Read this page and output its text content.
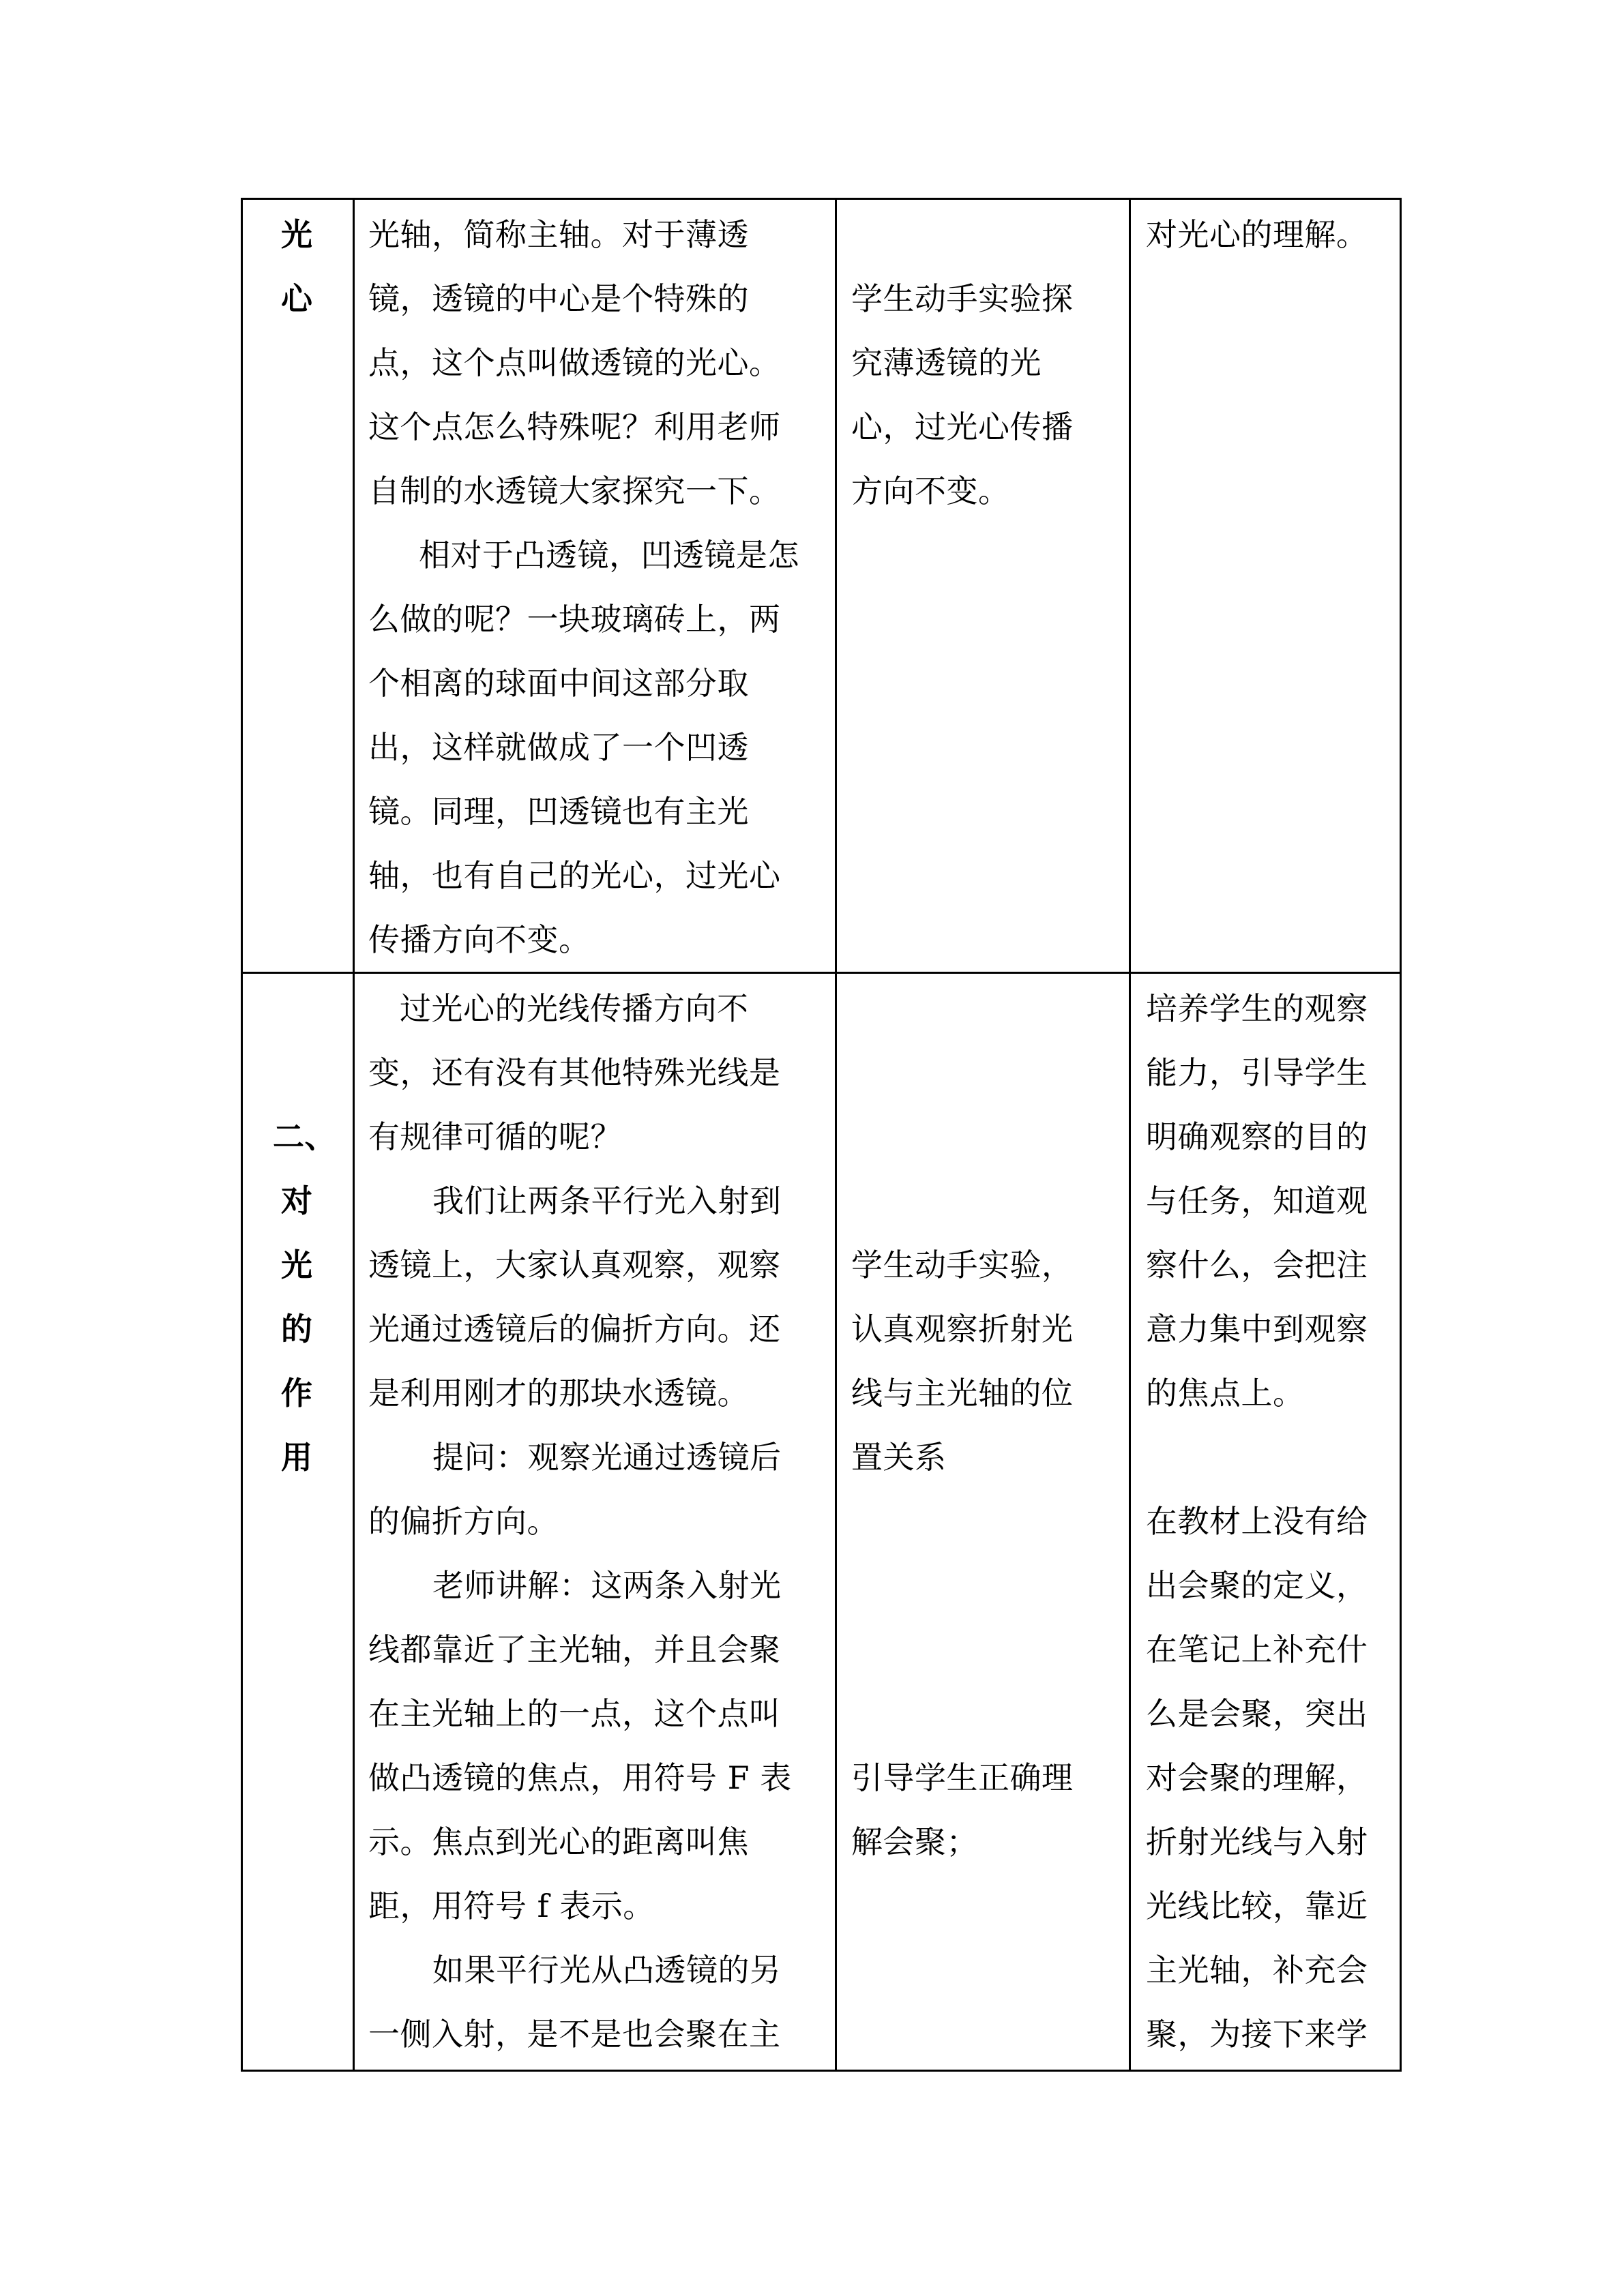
光
心
光轴，简称主轴。对于薄透
镜，透镜的中心是个特殊的
点，这个点叫做透镜的光心。
这个点怎么特殊呢？利用老师
自制的水透镜大家探究一下。
相对于凸透镜，凹透镜是怎
么做的呢？一块玻璃砖上，两
个相离的球面中间这部分取
出，这样就做成了一个凹透
镜。同理，凹透镜也有主光
轴，也有自己的光心，过光心
传播方向不变。
学生动手实验探
究薄透镜的光
心，过光心传播
方向不变。
对光心的理解。
二、
对
光
的
作
用
过光心的光线传播方向不
变，还有没有其他特殊光线是
有规律可循的呢？
我们让两条平行光入射到
透镜上，大家认真观察，观察
光通过透镜后的偏折方向。还
是利用刚才的那块水透镜。
提问：观察光通过透镜后
的偏折方向。
老师讲解：这两条入射光
线都靠近了主光轴，并且会聚
在主光轴上的一点，这个点叫
做凸透镜的焦点，用符号 F 表
示。焦点到光心的距离叫焦
距，用符号 f 表示。
如果平行光从凸透镜的另
一侧入射，是不是也会聚在主
学生动手实验，
认真观察折射光
线与主光轴的位
置关系
引导学生正确理
解会聚；
培养学生的观察
能力，引导学生
明确观察的目的
与任务，知道观
察什么，会把注
意力集中到观察
的焦点上。
在教材上没有给
出会聚的定义，
在笔记上补充什
么是会聚，突出
对会聚的理解，
折射光线与入射
光线比较，靠近
主光轴，补充会
聚，为接下来学
